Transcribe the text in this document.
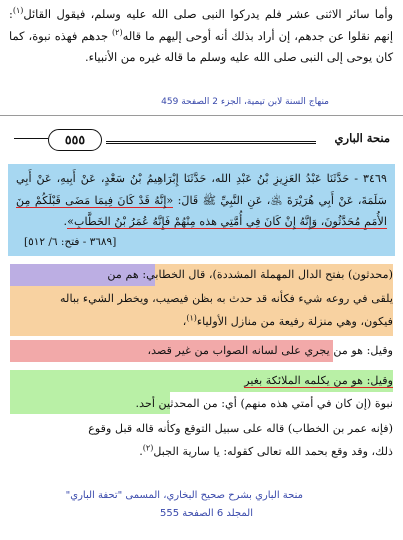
وأما سائر الاثنى عشر فلم يدركوا النبى صلى الله عليه وسلم، فيقول القائل$^{(١)}$: إنهم نقلوا عن جدهم، إن أراد بذلك أنه أوحى إليهم ما قاله$^{(٢)}$ جدهم فهذه نبوة، كما كان يوحى إلى النبى صلى الله عليه وسلم ما قاله غيره من الأنبياء.

منهاج السنة لابن تيمية، الجزء 2 الصفحة 459
منحة الباري
٥٥٥

٣٤٦٩ - حَدَّثَنَا عَبْدُ العَزِيزِ بْنُ عَبْدِ الله، حَدَّثَنَا إِبْرَاهِيمُ بْنُ سَعْدٍ، عَنْ أَبِيهِ، عَنْ أَبِي سَلَمَةَ، عَنْ أَبِي هُرَيْرَةَ ﵁، عَنِ النَّبِيِّ ﷺ قَالَ: «إِنَّهُ قَدْ كَانَ فِيمَا مَضَى قَبْلَكُمْ مِنَ الأُمَمِ مُحَدَّثُونَ، وَإِنَّهُ إِنْ كَانَ فِي أُمَّتِي هذه مِنْهُمْ فَإِنَّهُ عُمَرُ بْنُ الخَطَّابِ».

[٣٦٨٩ - فتح: ٦/ ٥١٢]
(محدثون) بفتح الدال المهملة المشددة)، قال الخطابي: هم من
يلقى في روعه شيء فكأنه قد حدث به بظن فيصيب، ويخطر الشيء بباله
فيكون، وهي منزلة رفيعة من منازل الأولياء$^{(١)}$،
وقيل: هو من يجري على لسانه الصواب من غير قصد،
وقيل: هو من يكلمه الملائكة بغير
نبوة (إن كان في أمتي هذه منهم) أي: من المحدثين أحد.
(فإنه عمر بن الخطاب) قاله على سبيل التوقع وكأنه قاله قبل وقوع
ذلك، وقد وقع بحمد الله تعالى كقوله: يا سارية الجبل$^{(٢)}$.
منحة الباري بشرح صحيح البخاري، المسمى "تحفة الباري"
المجلد 6 الصفحة 555
